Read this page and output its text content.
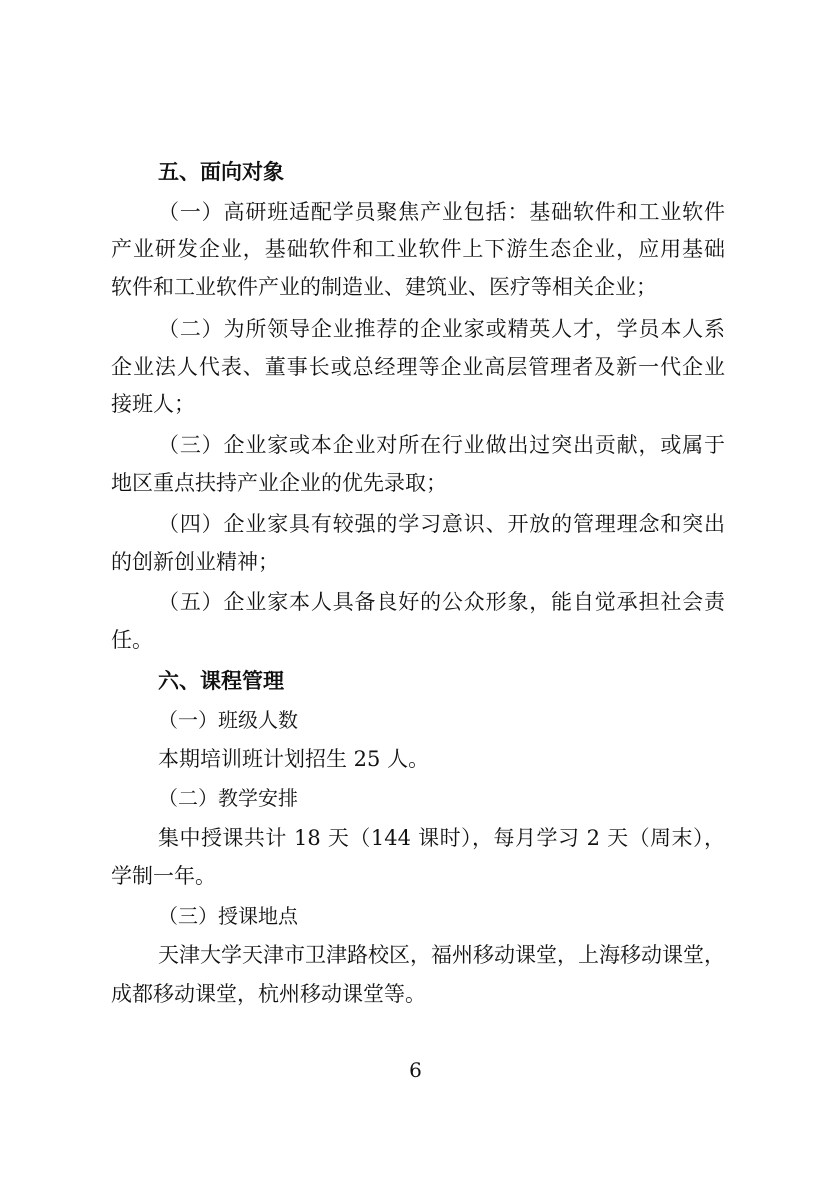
五、面向对象
（一）高研班适配学员聚焦产业包括：基础软件和工业软件
产业研发企业，基础软件和工业软件上下游生态企业，应用基础
软件和工业软件产业的制造业、建筑业、医疗等相关企业；
（二）为所领导企业推荐的企业家或精英人才，学员本人系
企业法人代表、董事长或总经理等企业高层管理者及新一代企业
接班人；
（三）企业家或本企业对所在行业做出过突出贡献，或属于
地区重点扶持产业企业的优先录取；
（四）企业家具有较强的学习意识、开放的管理理念和突出
的创新创业精神；
（五）企业家本人具备良好的公众形象，能自觉承担社会责
任。
六、课程管理
（一）班级人数
本期培训班计划招生 25 人。
（二）教学安排
集中授课共计 18 天（144 课时），每月学习 2 天（周末），
学制一年。
（三）授课地点
天津大学天津市卫津路校区，福州移动课堂，上海移动课堂，
成都移动课堂，杭州移动课堂等。
6
